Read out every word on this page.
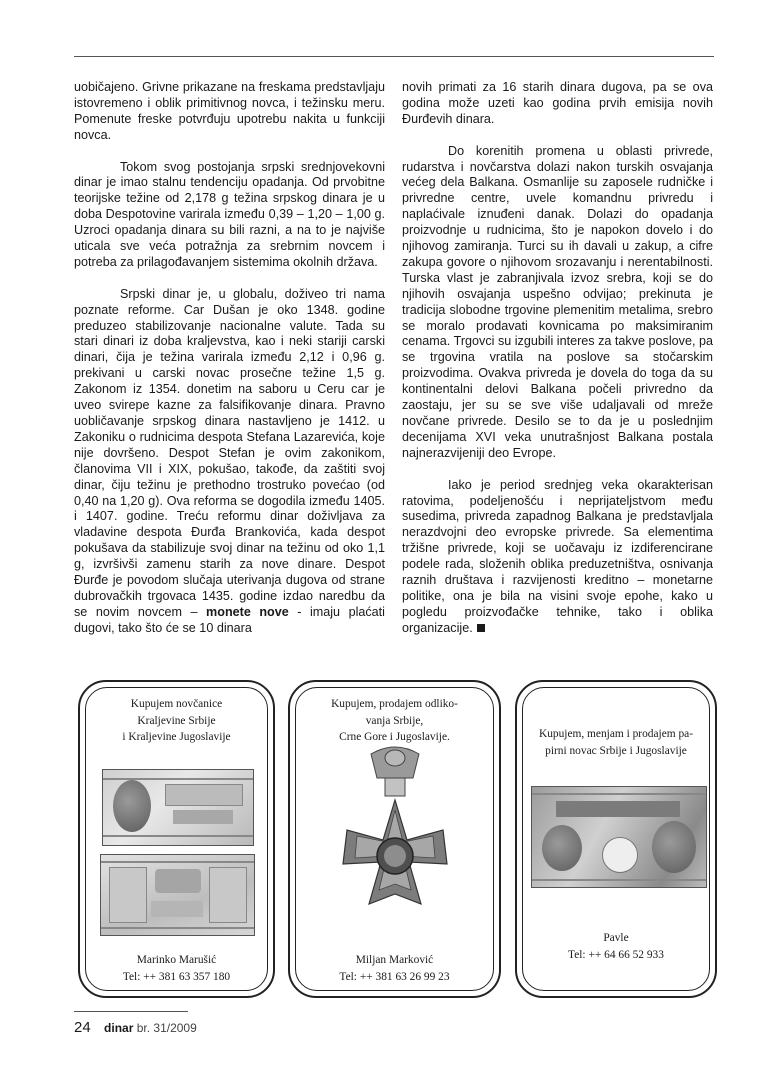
uobičajeno. Grivne prikazane na freskama predstavljaju istovremeno i oblik primitivnog novca, i težinsku meru. Pomenute freske potvrđuju upotrebu nakita u funkciji novca.

Tokom svog postojanja srpski srednjovekovni dinar je imao stalnu tendenciju opadanja. Od prvobitne teorijske težine od 2,178 g težina srpskog dinara je u doba Despotovine varirala između 0,39 – 1,20 – 1,00 g. Uzroci opadanja dinara su bili razni, a na to je najviše uticala sve veća potražnja za srebrnim novcem i potreba za prilagođavanjem sistemima okolnih država.

Srpski dinar je, u globalu, doživeo tri nama poznate reforme. Car Dušan je oko 1348. godine preduzeo stabilizovanje nacionalne valute. Tada su stari dinari iz doba kraljevstva, kao i neki stariji carski dinari, čija je težina varirala između 2,12 i 0,96 g. prekivani u carski novac prosečne težine 1,5 g. Zakonom iz 1354. donetim na saboru u Ceru car je uveo svirepe kazne za falsifikovanje dinara. Pravno uobličavanje srpskog dinara nastavljeno je 1412. u Zakoniku o rudnicima despota Stefana Lazarevića, koje nije dovršeno. Despot Stefan je ovim zakonikom, članovima VII i XIX, pokušao, takođe, da zaštiti svoj dinar, čiju težinu je prethodno trostruko povećao (od 0,40 na 1,20 g). Ova reforma se dogodila između 1405. i 1407. godine. Treću reformu dinar doživljava za vladavine despota Đurđa Brankovića, kada despot pokušava da stabilizuje svoj dinar na težinu od oko 1,1 g, izvršivši zamenu starih za nove dinare. Despot Đurđe je povodom slučaja uterivanja dugova od strane dubrovačkih trgovaca 1435. godine izdao naredbu da se novim novcem – monete nove - imaju plaćati dugovi, tako što će se 10 dinara

novih primati za 16 starih dinara dugova, pa se ova godina može uzeti kao godina prvih emisija novih Đurđevih dinara.

Do korenitih promena u oblasti privrede, rudarstva i novčarstva dolazi nakon turskih osvajanja većeg dela Balkana. Osmanlije su zaposele rudničke i privredne centre, uvele komandnu privredu i naplaćivale iznuđeni danak. Dolazi do opadanja proizvodnje u rudnicima, što je napokon dovelo i do njihovog zamiranja. Turci su ih davali u zakup, a cifre zakupa govore o njihovom srozavanju i nerentabilnosti. Turska vlast je zabranjivala izvoz srebra, koji se do njihovih osvajanja uspešno odvijao; prekinuta je tradicija slobodne trgovine plemenitim metalima, srebro se moralo prodavati kovnicama po maksimiranim cenama. Trgovci su izgubili interes za takve poslove, pa se trgovina vratila na poslove sa stočarskim proizvodima. Ovakva privreda je dovela do toga da su kontinentalni delovi Balkana počeli privredno da zaostaju, jer su se sve više udaljavali od mreže novčane privrede. Desilo se to da je u poslednjim decenijama XVI veka unutrašnjost Balkana postala najnerazvijeniji deo Evrope.

Iako je period srednjeg veka okarakterisan ratovima, podeljenošću i neprijateljstvom među susedima, privreda zapadnog Balkana je predstavljala nerazdvojni deo evropske privrede. Sa elementima tržišne privrede, koji se uočavaju iz izdiferencirane podele rada, složenih oblika preduzetništva, osnivanja raznih društava i razvijenosti kreditno – monetarne politike, ona je bila na visini svoje epohe, kako u pogledu proizvođačke tehnike, tako i oblika organizacije.

Kupujem novčanice
Kraljevine Srbije
i Kraljevine Jugoslavije
Marinko Marušić
Tel: ++ 381 63 357 180
Kupujem, prodajem odliko-
vanja Srbije,
Crne Gore i Jugoslavije.
Miljan Marković
Tel: ++ 381 63 26 99 23
Kupujem, menjam i prodajem pa-
pirni novac Srbije i Jugoslavije
Pavle
Tel: ++ 64 66 52 933
24 dinar br. 31/2009
